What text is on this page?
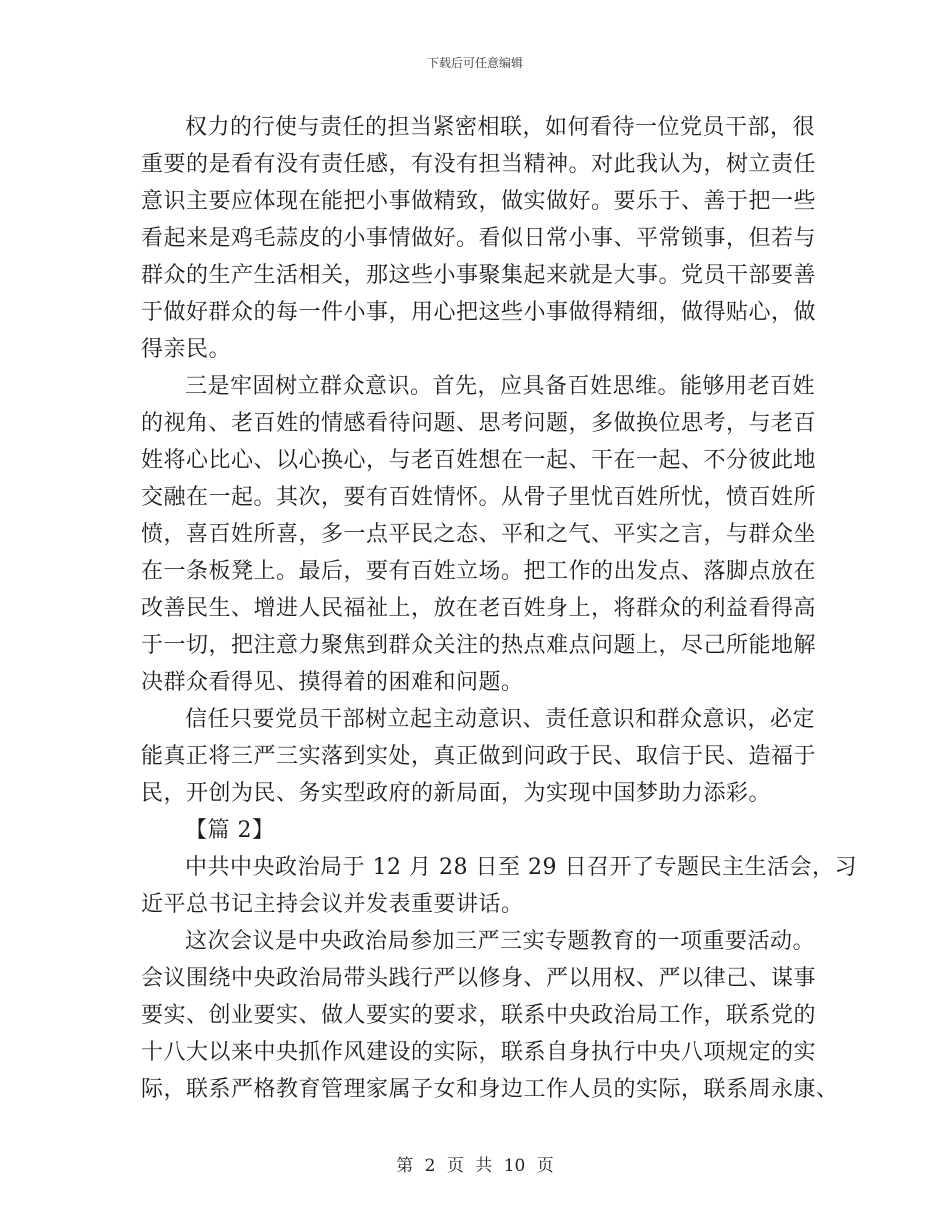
下载后可任意编辑
权力的行使与责任的担当紧密相联，如何看待一位党员干部，很
重要的是看有没有责任感，有没有担当精神。对此我认为，树立责任
意识主要应体现在能把小事做精致，做实做好。要乐于、善于把一些
看起来是鸡毛蒜皮的小事情做好。看似日常小事、平常锁事，但若与
群众的生产生活相关，那这些小事聚集起来就是大事。党员干部要善
于做好群众的每一件小事，用心把这些小事做得精细，做得贴心，做
得亲民。
三是牢固树立群众意识。首先，应具备百姓思维。能够用老百姓
的视角、老百姓的情感看待问题、思考问题，多做换位思考，与老百
姓将心比心、以心换心，与老百姓想在一起、干在一起、不分彼此地
交融在一起。其次，要有百姓情怀。从骨子里忧百姓所忧，愤百姓所
愤，喜百姓所喜，多一点平民之态、平和之气、平实之言，与群众坐
在一条板凳上。最后，要有百姓立场。把工作的出发点、落脚点放在
改善民生、增进人民福祉上，放在老百姓身上，将群众的利益看得高
于一切，把注意力聚焦到群众关注的热点难点问题上，尽己所能地解
决群众看得见、摸得着的困难和问题。
信任只要党员干部树立起主动意识、责任意识和群众意识，必定
能真正将三严三实落到实处，真正做到问政于民、取信于民、造福于
民，开创为民、务实型政府的新局面，为实现中国梦助力添彩。
【篇 2】
中共中央政治局于 12 月 28 日至 29 日召开了专题民主生活会，习
近平总书记主持会议并发表重要讲话。
这次会议是中央政治局参加三严三实专题教育的一项重要活动。
会议围绕中央政治局带头践行严以修身、严以用权、严以律己、谋事
要实、创业要实、做人要实的要求，联系中央政治局工作，联系党的
十八大以来中央抓作风建设的实际，联系自身执行中央八项规定的实
际，联系严格教育管理家属子女和身边工作人员的实际，联系周永康、
第 2 页 共 10 页
